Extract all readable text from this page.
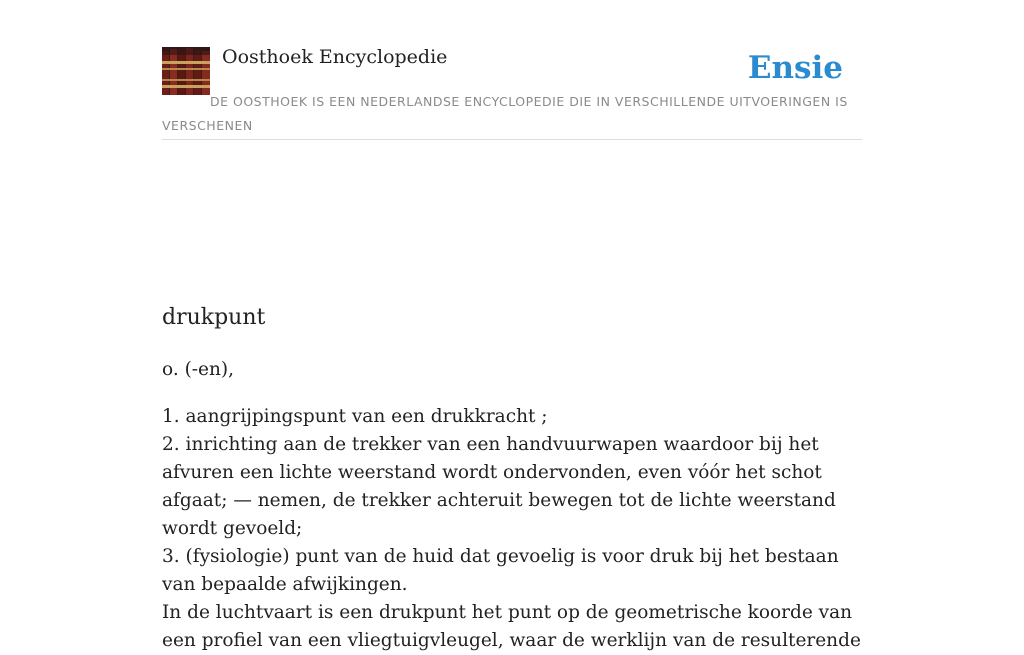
Oosthoek Encyclopedie	Ensie
DE OOSTHOEK IS EEN NEDERLANDSE ENCYCLOPEDIE DIE IN VERSCHILLENDE UITVOERINGEN IS VERSCHENEN
drukpunt

o. (-en),

1. aangrijpingspunt van een drukkracht ;
2. inrichting aan de trekker van een handvuurwapen waardoor bij het afvuren een lichte weerstand wordt ondervonden, even vóór het schot afgaat; — nemen, de trekker achteruit bewegen tot de lichte weerstand wordt gevoeld;
3. (fysiologie) punt van de huid dat gevoelig is voor druk bij het bestaan van bepaalde afwijkingen.

In de luchtvaart is een drukpunt het punt op de geometrische koorde van een profiel van een vliegtuigvleugel, waar de werklijn van de resulterende
